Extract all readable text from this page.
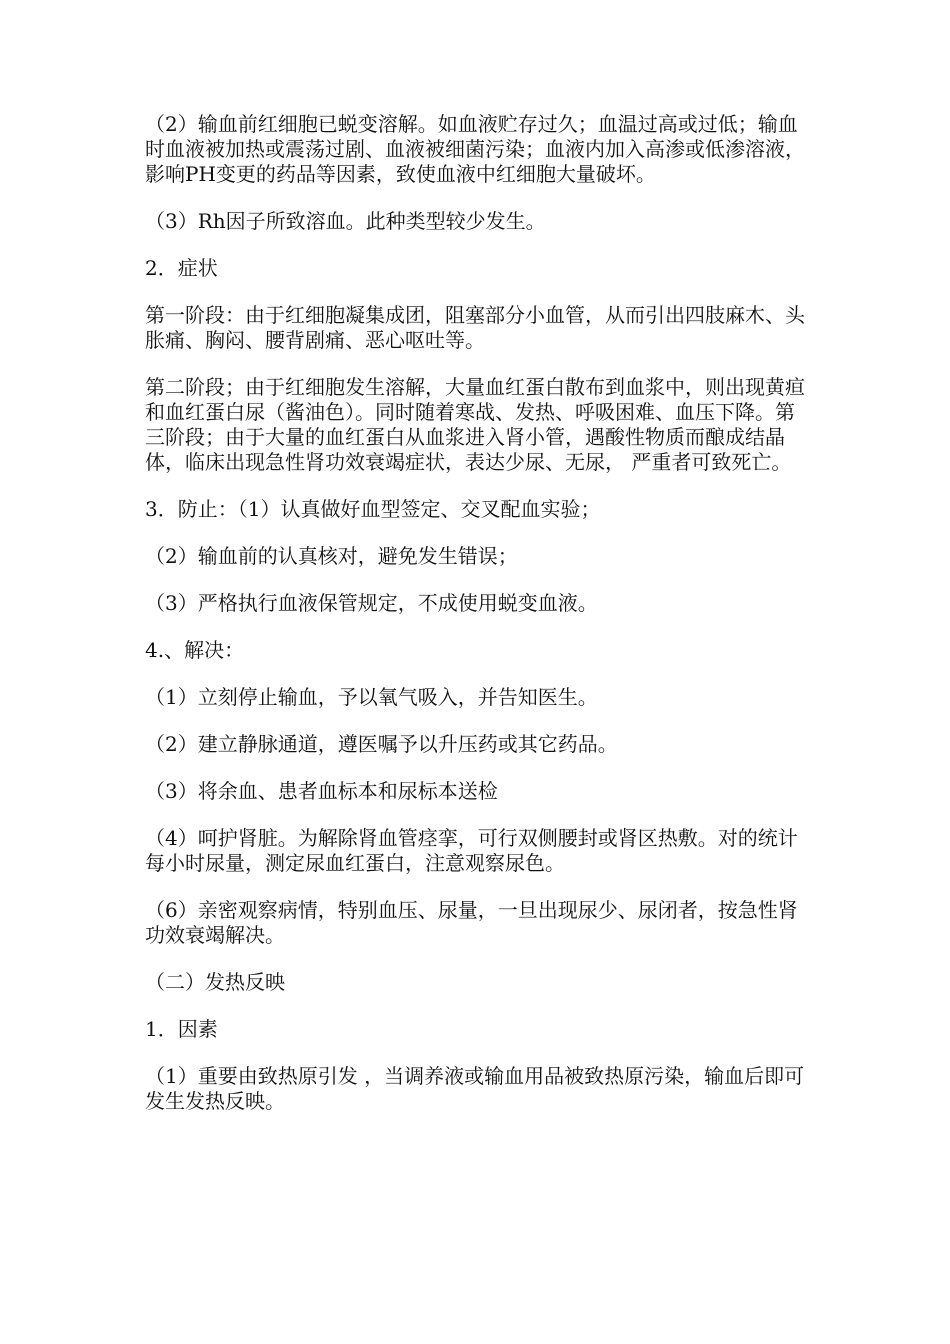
（2）输血前红细胞已蜕变溶解。如血液贮存过久；血温过高或过低；输血时血液被加热或震荡过剧、血液被细菌污染；血液内加入高渗或低渗溶液，影响PH变更的药品等因素，致使血液中红细胞大量破坏。

（3）Rh因子所致溶血。此种类型较少发生。

2．症状

第一阶段：由于红细胞凝集成团，阻塞部分小血管，从而引出四肢麻木、头胀痛、胸闷、腰背剧痛、恶心呕吐等。

第二阶段；由于红细胞发生溶解，大量血红蛋白散布到血浆中，则出现黄疸和血红蛋白尿（酱油色）。同时随着寒战、发热、呼吸困难、血压下降。第三阶段；由于大量的血红蛋白从血浆进入肾小管，遇酸性物质而酿成结晶体，临床出现急性肾功效衰竭症状，表达少尿、无尿， 严重者可致死亡。

3．防止：（1）认真做好血型签定、交叉配血实验；

（2）输血前的认真核对，避免发生错误；

（3）严格执行血液保管规定，不成使用蜕变血液。

4.、解决：

（1）立刻停止输血，予以氧气吸入，并告知医生。

（2）建立静脉通道，遵医嘱予以升压药或其它药品。

（3）将余血、患者血标本和尿标本送检

（4）呵护肾脏。为解除肾血管痉挛，可行双侧腰封或肾区热敷。对的统计每小时尿量，测定尿血红蛋白，注意观察尿色。

（6）亲密观察病情，特别血压、尿量，一旦出现尿少、尿闭者，按急性肾功效衰竭解决。

（二）发热反映

1．因素

（1）重要由致热原引发 ，当调养液或输血用品被致热原污染，输血后即可发生发热反映。
